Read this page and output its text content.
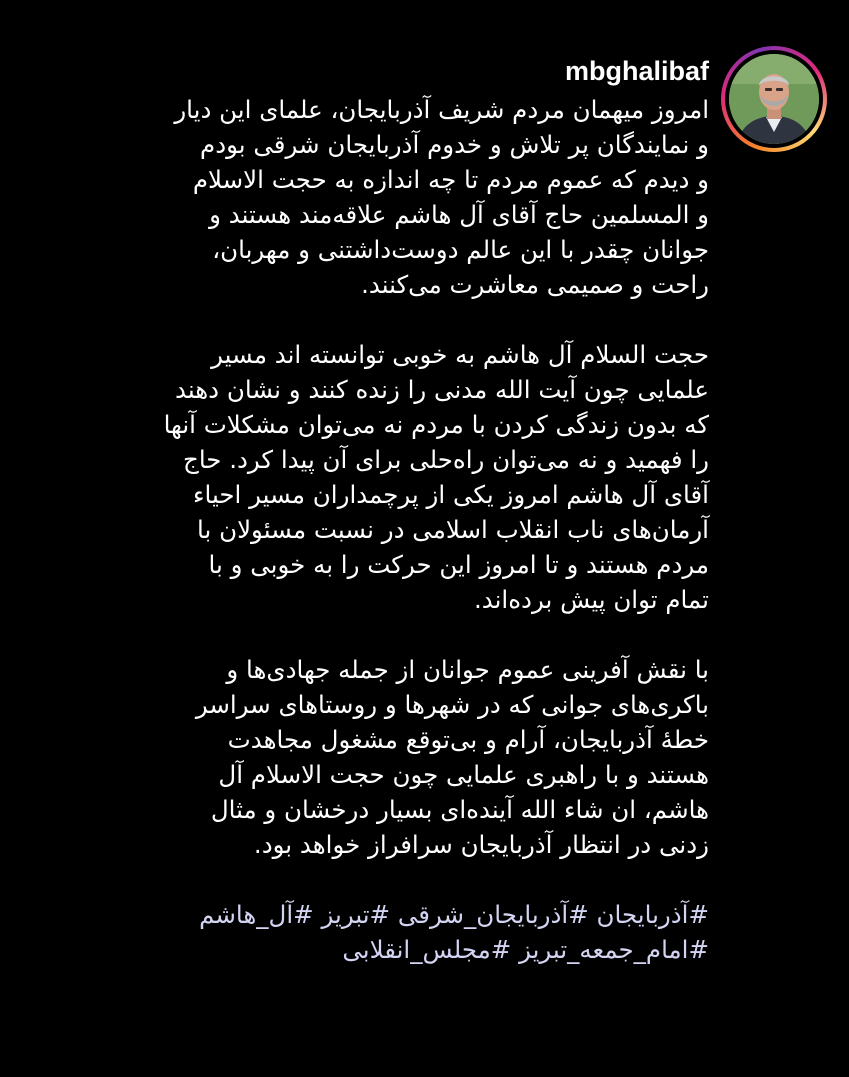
mbghalibaf
امروز میهمان مردم شریف آذربایجان، علمای این دیار
و نمایندگان پر تلاش و خدوم آذربایجان شرقی بودم
و دیدم که عموم مردم تا چه اندازه به حجت الاسلام
و المسلمین حاج آقای آل هاشم علاقه‌مند هستند و
جوانان چقدر با این عالم دوست‌داشتنی و مهربان،
راحت و صمیمی معاشرت می‌کنند.
حجت السلام آل هاشم به خوبی توانسته اند مسیر
علمایی چون آیت الله مدنی را زنده کنند و نشان دهند
که بدون زندگی کردن با مردم نه می‌توان مشکلات آنها
را فهمید و نه می‌توان راه‌حلی برای آن پیدا کرد. حاج
آقای آل هاشم امروز یکی از پرچمداران مسیر احیاء
آرمان‌های ناب انقلاب اسلامی در نسبت مسئولان با
مردم هستند و تا امروز این حرکت را به خوبی و با
تمام توان پیش برده‌اند.
با نقش آفرینی عموم جوانان از جمله جهادی‌ها و
باکری‌های جوانی که در شهرها و روستاهای سراسر
خطهٔ آذربایجان، آرام و بی‌توقع مشغول مجاهدت
هستند و با راهبری علمایی چون حجت الاسلام آل
هاشم، ان شاء الله آینده‌ای بسیار درخشان و مثال
زدنی در انتظار آذربایجان سرافراز خواهد بود.
#آذربایجان #آذربایجان_شرقی #تبریز #آل_هاشم
#امام_جمعه_تبریز #مجلس_انقلابی
